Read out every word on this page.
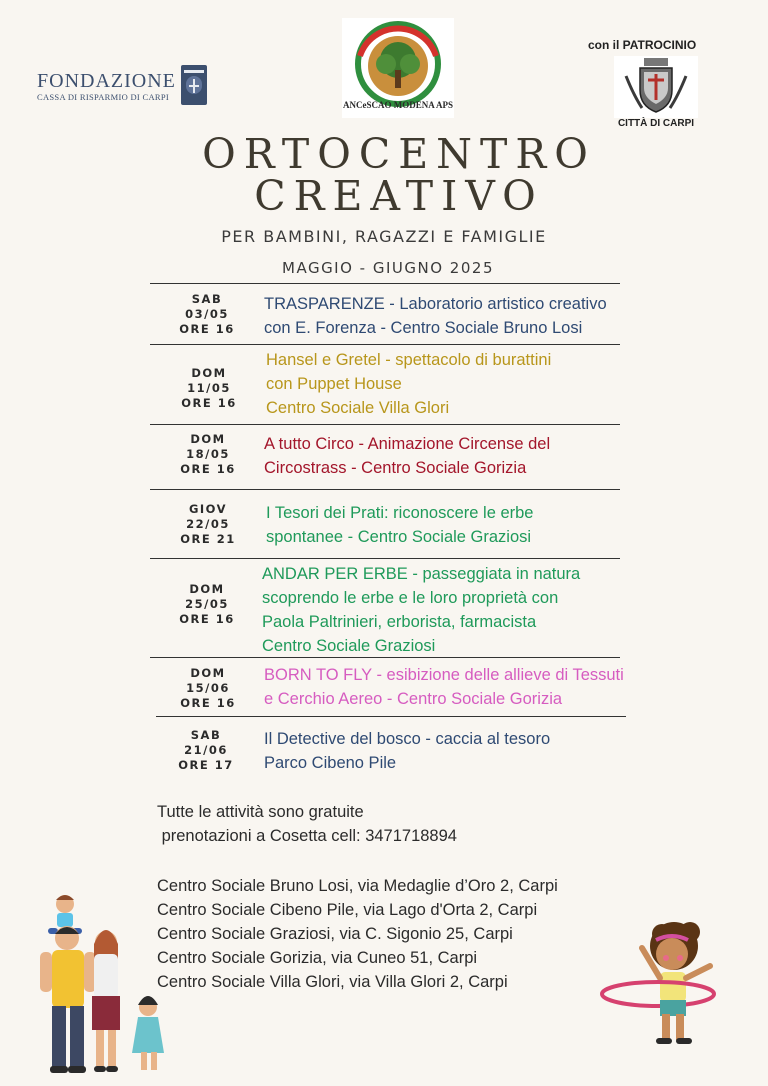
FONDAZIONE
CASSA DI RISPARMIO DI CARPI
ANCeSCAO MODENA APS
con il PATROCINIO
CITTÀ DI CARPI
ORTOCENTRO
CREATIVO
PER BAMBINI, RAGAZZI E FAMIGLIE
MAGGIO - GIUGNO 2025
SAB
03/05
ORE 16
TRASPARENZE - Laboratorio artistico creativo
con E. Forenza - Centro Sociale Bruno Losi
DOM
11/05
ORE 16
Hansel e Gretel - spettacolo di burattini
con Puppet House
Centro Sociale Villa Glori
DOM
18/05
ORE 16
A tutto Circo - Animazione Circense del
Circostrass - Centro Sociale Gorizia
GIOV
22/05
ORE 21
I Tesori dei Prati: riconoscere le erbe
spontanee - Centro Sociale Graziosi
DOM
25/05
ORE 16
ANDAR PER ERBE - passeggiata in natura
scoprendo le erbe e le loro proprietà con
Paola Paltrinieri, erborista, farmacista
Centro Sociale Graziosi
DOM
15/06
ORE 16
BORN TO FLY - esibizione delle allieve di Tessuti
e Cerchio Aereo - Centro Sociale Gorizia
SAB
21/06
ORE 17
Il Detective del bosco - caccia al tesoro
Parco Cibeno Pile
Tutte le attività sono gratuite
prenotazioni a Cosetta cell: 3471718894
Centro Sociale Bruno Losi, via Medaglie d’Oro 2, Carpi
Centro Sociale Cibeno Pile, via Lago d'Orta 2, Carpi
Centro Sociale Graziosi, via C. Sigonio 25, Carpi
Centro Sociale Gorizia, via Cuneo 51, Carpi
Centro Sociale Villa Glori, via Villa Glori 2, Carpi
